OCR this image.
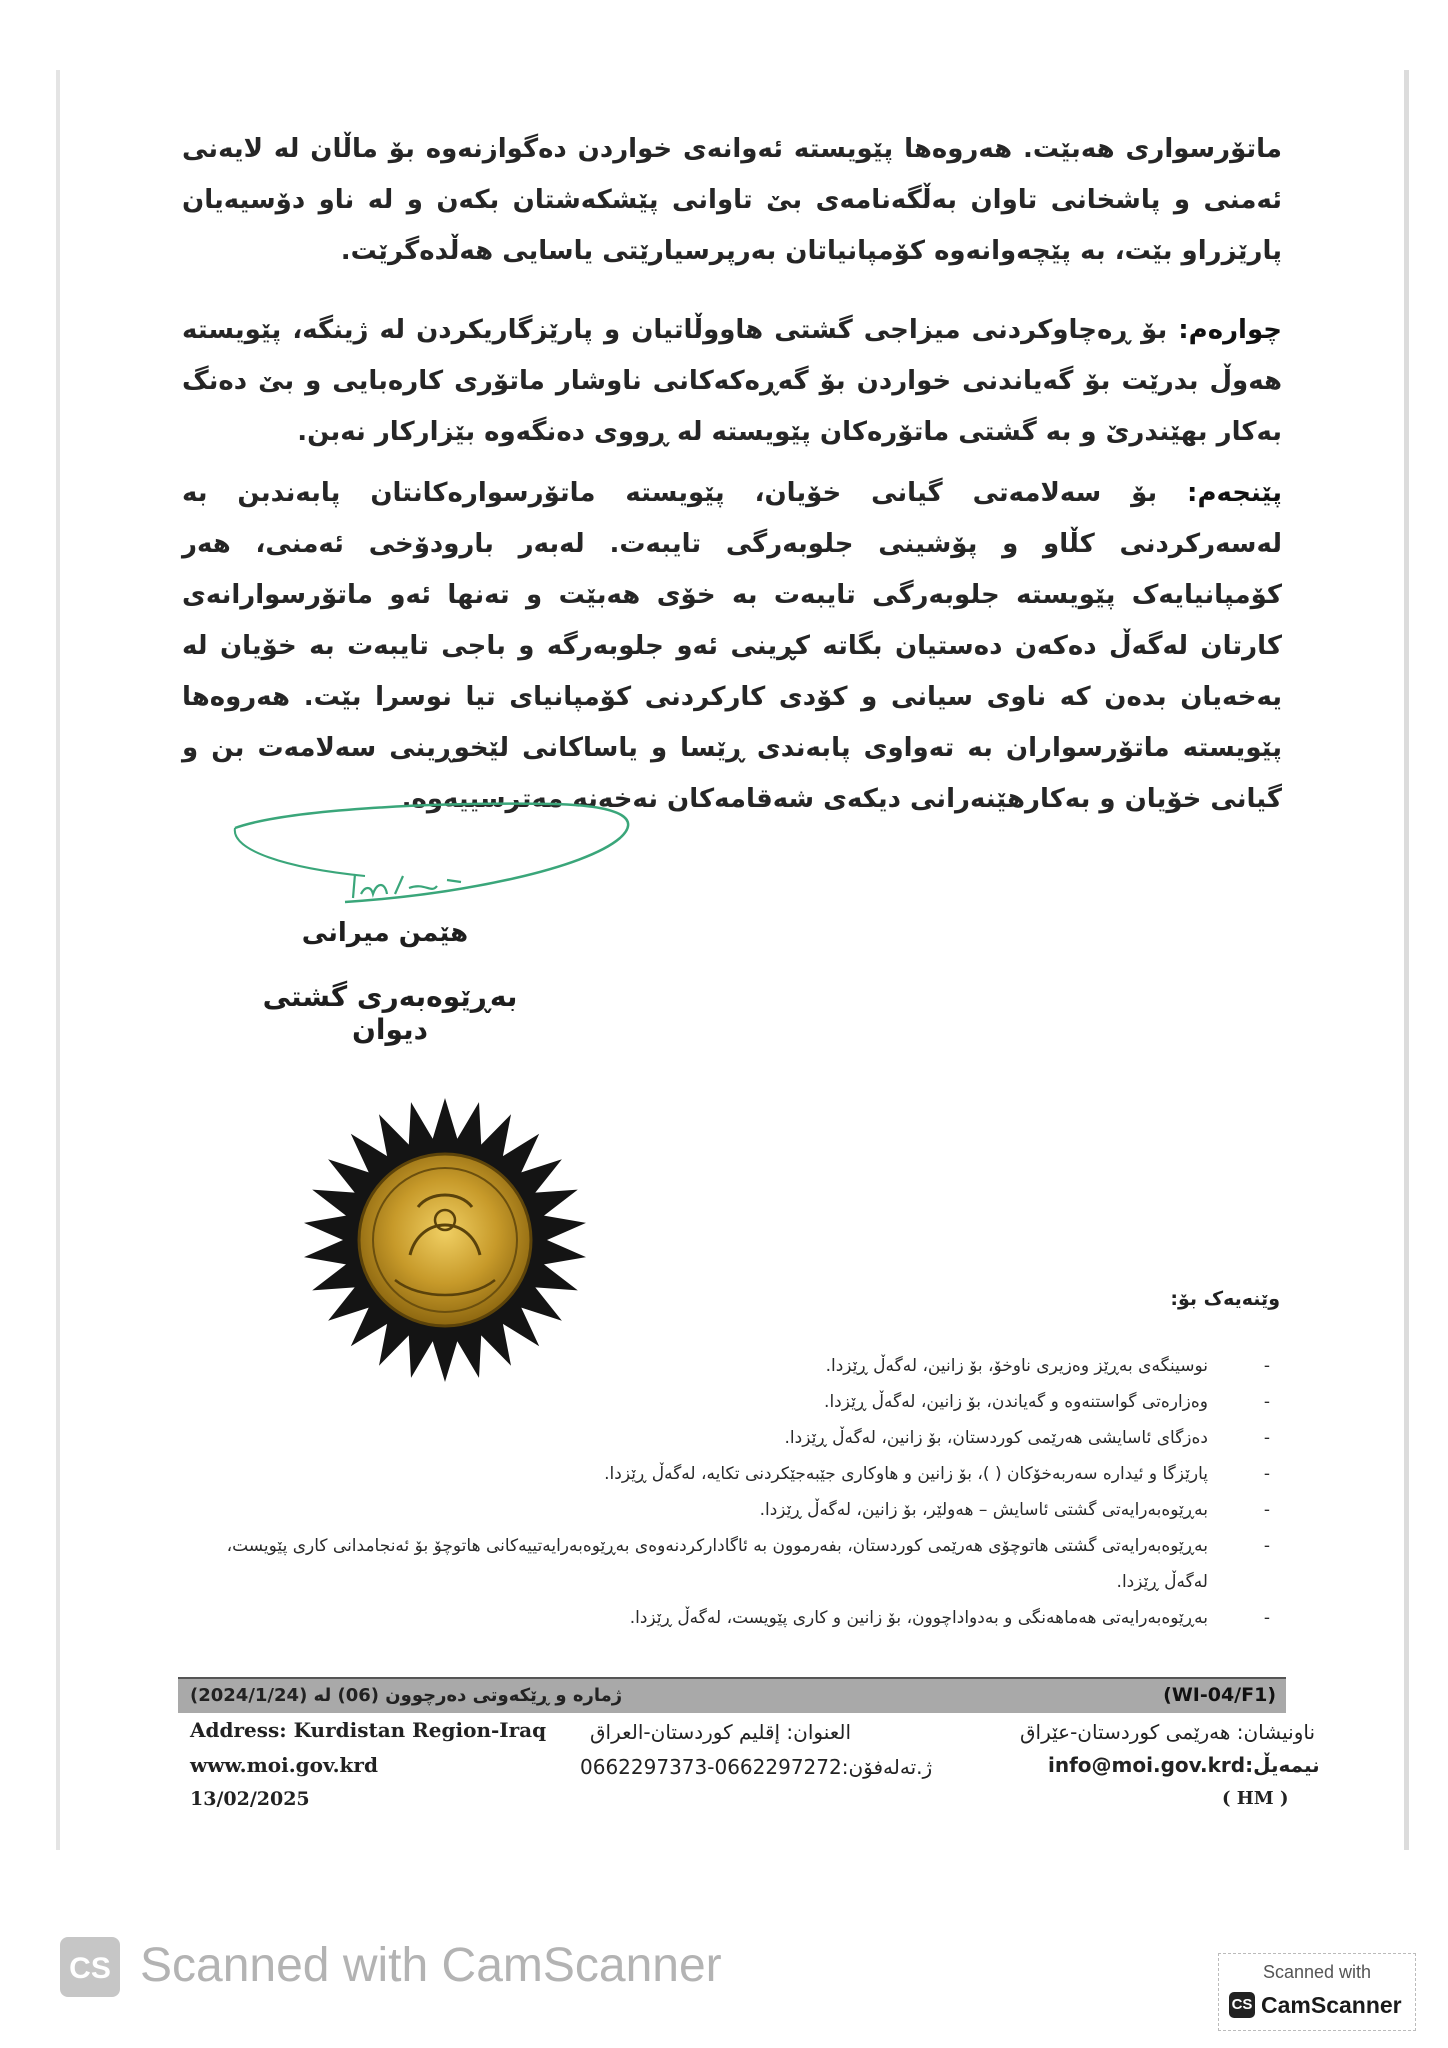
ماتۆرسواری هەبێت. هەروەها پێویستە ئەوانەی خواردن دەگوازنەوە بۆ ماڵان لە لایەنی ئەمنی و پاشخانی تاوان بەڵگەنامەی بێ تاوانی پێشکەشتان بکەن و لە ناو دۆسیەیان پارێزراو بێت، بە پێچەوانەوە کۆمپانیاتان بەرپرسیارێتی یاسایی هەڵدەگرێت.
چوارەم: بۆ ڕەچاوکردنی میزاجی گشتی هاووڵاتیان و پارێزگاریکردن لە ژینگە، پێویستە هەوڵ بدرێت بۆ گەیاندنی خواردن بۆ گەڕەکەکانی ناوشار ماتۆری کارەبایی و بێ دەنگ بەکار بهێندرێ و بە گشتی ماتۆرەکان پێویستە لە ڕووی دەنگەوە بێزارکار نەبن.
پێنجەم: بۆ سەلامەتی گیانی خۆیان، پێویستە ماتۆرسوارەکانتان پابەندبن بە لەسەرکردنی کڵاو و پۆشینی جلوبەرگی تایبەت. لەبەر بارودۆخی ئەمنی، هەر کۆمپانیایەک پێویستە جلوبەرگی تایبەت بە خۆی هەبێت و تەنها ئەو ماتۆرسوارانەی کارتان لەگەڵ دەکەن دەستیان بگاتە کڕینی ئەو جلوبەرگە و باجی تایبەت بە خۆیان لە یەخەیان بدەن کە ناوی سیانی و کۆدی کارکردنی کۆمپانیای تیا نوسرا بێت. هەروەها پێویستە ماتۆرسواران بە تەواوی پابەندی ڕێسا و یاساکانی لێخوڕینی سەلامەت بن و گیانی خۆیان و بەکارهێنەرانی دیکەی شەقامەکان نەخەنە مەترسییەوە.
هێمن میرانی
بەڕێوەبەری گشتی دیوان
وێنەیەک بۆ:
-
نوسینگەی بەڕێز وەزیری ناوخۆ، بۆ زانین، لەگەڵ ڕێزدا.
-
وەزارەتی گواستنەوە و گەیاندن، بۆ زانین، لەگەڵ ڕێزدا.
-
دەزگای ئاسایشی هەرێمی کوردستان، بۆ زانین، لەگەڵ ڕێزدا.
-
پارێزگا و ئیدارە سەربەخۆکان ( )، بۆ زانین و هاوکاری جێبەجێکردنی تکایە، لەگەڵ ڕێزدا.
-
بەڕێوەبەرایەتی گشتی ئاسایش – هەولێر، بۆ زانین، لەگەڵ ڕێزدا.
-
بەڕێوەبەرایەتی گشتی هاتوچۆی هەرێمی کوردستان، بفەرموون بە ئاگادارکردنەوەی بەڕێوەبەرایەتییەکانی هاتوچۆ بۆ ئەنجامدانی کاری پێویست، لەگەڵ ڕێزدا.
-
بەڕێوەبەرایەتی هەماهەنگی و بەدواداچوون، بۆ زانین و کاری پێویست، لەگەڵ ڕێزدا.
(WI-04/F1)
ژمارە و ڕێکەوتی دەرچوون (06) لە (2024/1/24)
Address: Kurdistan Region-Iraq العنوان: إقليم كوردستان-العراق	ناونیشان: هەرێمی کوردستان-عێراق
www.moi.gov.krd	ژ.تەلەفۆن:0662297272-0662297373	نیمەیڵ:info@moi.gov.krd
13/02/2025	( HM )
CS Scanned with CamScanner	Scanned with
CS CamScanner
